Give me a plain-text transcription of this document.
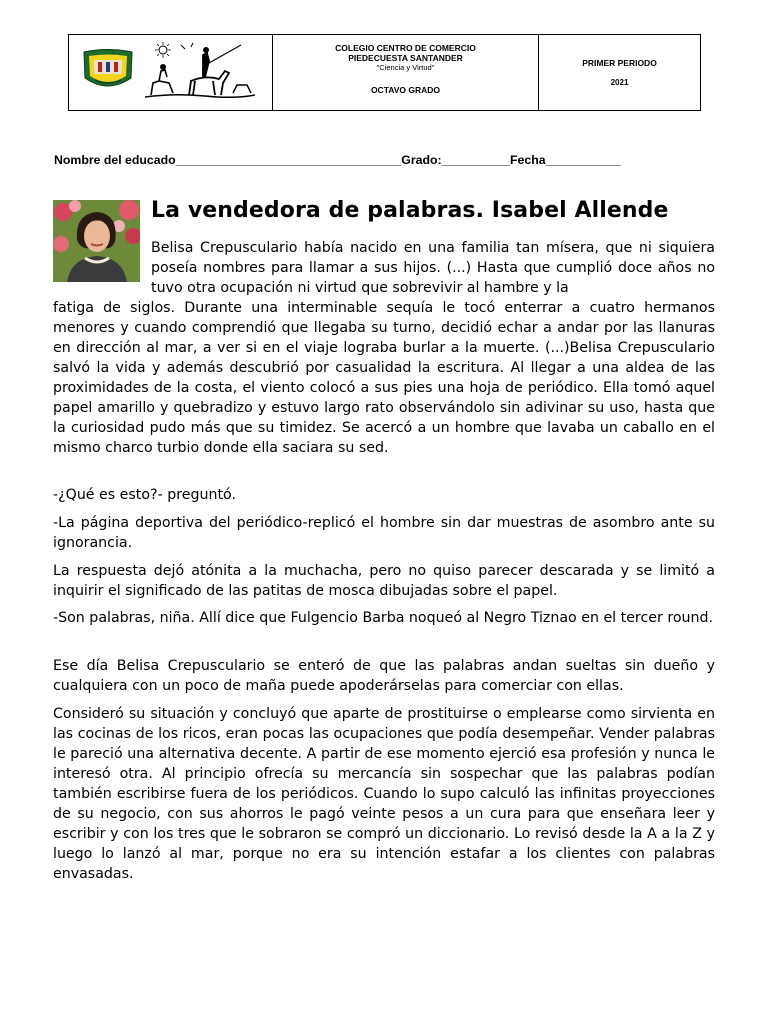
COLEGIO CENTRO DE COMERCIO
PIEDECUESTA SANTANDER
"Ciencia y Virtud"
OCTAVO GRADO
PRIMER PERIODO
2021
Nombre del educado_________________________________Grado:__________Fecha___________
La vendedora de palabras. Isabel Allende
Belisa Crepusculario había nacido en una familia tan mísera, que ni siquiera poseía nombres para llamar a sus hijos. (...) Hasta que cumplió doce años no tuvo otra ocupación ni virtud que sobrevivir al hambre y la
fatiga de siglos. Durante una interminable sequía le tocó enterrar a cuatro hermanos menores y cuando comprendió que llegaba su turno, decidió echar a andar por las llanuras en dirección al mar, a ver si en el viaje lograba burlar a la muerte. (...)Belisa Crepusculario salvó la vida y además descubrió por casualidad la escritura. Al llegar a una aldea de las proximidades de la costa, el viento colocó a sus pies una hoja de periódico. Ella tomó aquel papel amarillo y quebradizo y estuvo largo rato observándolo sin adivinar su uso, hasta que la curiosidad pudo más que su timidez. Se acercó a un hombre que lavaba un caballo en el mismo charco turbio donde ella saciara su sed.
-¿Qué es esto?- preguntó.
-La página deportiva del periódico-replicó el hombre sin dar muestras de asombro ante su ignorancia.
La respuesta dejó atónita a la muchacha, pero no quiso parecer descarada y se limitó a inquirir el significado de las patitas de mosca dibujadas sobre el papel.
-Son palabras, niña. Allí dice que Fulgencio Barba noqueó al Negro Tiznao en el tercer round.
Ese día Belisa Crepusculario se enteró de que las palabras andan sueltas sin dueño y cualquiera con un poco de maña puede apoderárselas para comerciar con ellas.
Consideró su situación y concluyó que aparte de prostituirse o emplearse como sirvienta en las cocinas de los ricos, eran pocas las ocupaciones que podía desempeñar. Vender palabras le pareció una alternativa decente. A partir de ese momento ejerció esa profesión y nunca le interesó otra. Al principio ofrecía su mercancía sin sospechar que las palabras podían también escribirse fuera de los periódicos. Cuando lo supo calculó las infinitas proyecciones de su negocio, con sus ahorros le pagó veinte pesos a un cura para que enseñara leer y escribir y con los tres que le sobraron se compró un diccionario. Lo revisó desde la A a la Z y luego lo lanzó al mar, porque no era su intención estafar a los clientes con palabras envasadas.
